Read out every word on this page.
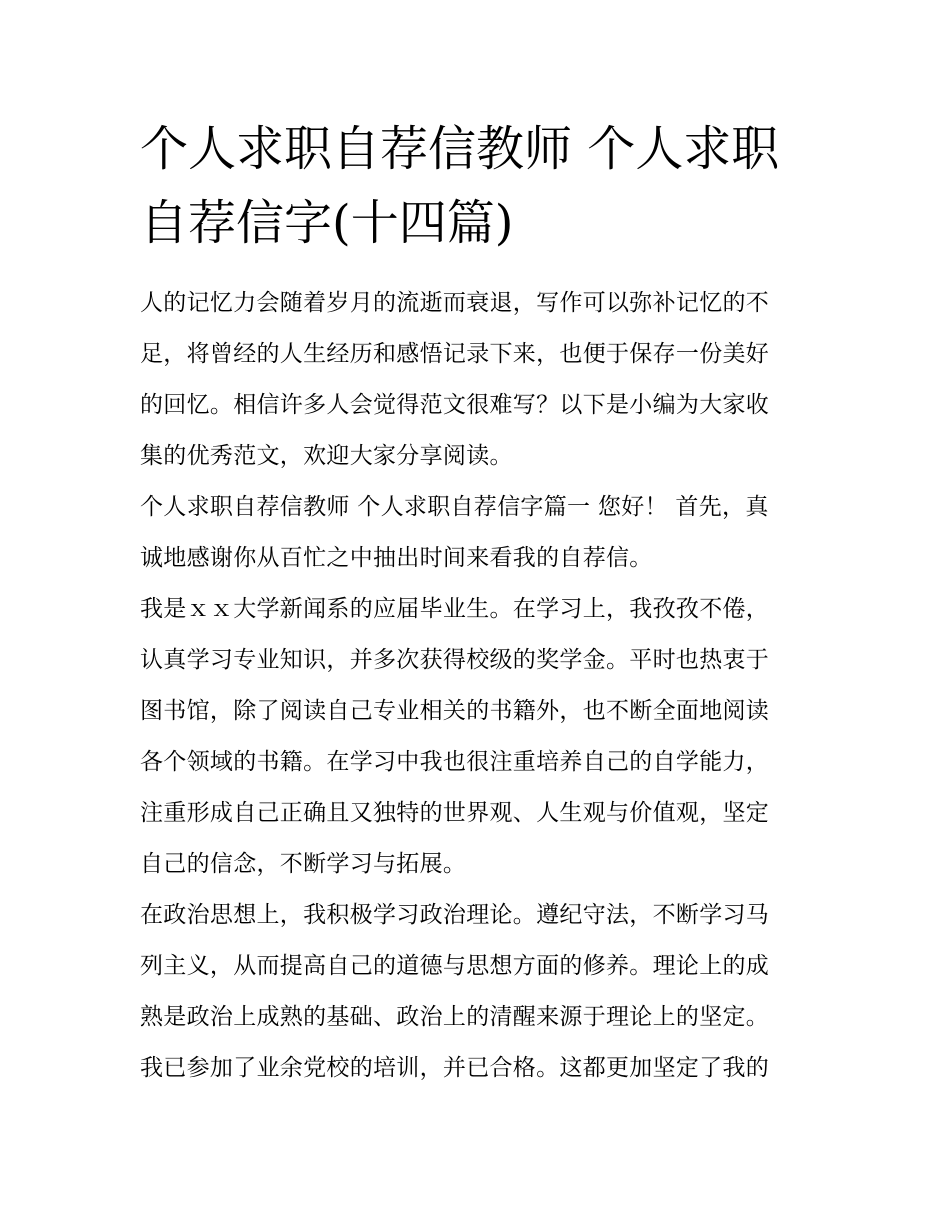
个人求职自荐信教师 个人求职
自荐信字(十四篇)

人的记忆力会随着岁月的流逝而衰退，写作可以弥补记忆的不
足，将曾经的人生经历和感悟记录下来，也便于保存一份美好
的回忆。相信许多人会觉得范文很难写？以下是小编为大家收
集的优秀范文，欢迎大家分享阅读。

个人求职自荐信教师 个人求职自荐信字篇一 您好！ 首先，真
诚地感谢你从百忙之中抽出时间来看我的自荐信。

我是ｘｘ大学新闻系的应届毕业生。在学习上，我孜孜不倦，
认真学习专业知识，并多次获得校级的奖学金。平时也热衷于
图书馆，除了阅读自己专业相关的书籍外，也不断全面地阅读
各个领域的书籍。在学习中我也很注重培养自己的自学能力，
注重形成自己正确且又独特的世界观、人生观与价值观，坚定
自己的信念，不断学习与拓展。

在政治思想上，我积极学习政治理论。遵纪守法，不断学习马
列主义，从而提高自己的道德与思想方面的修养。理论上的成
熟是政治上成熟的基础、政治上的清醒来源于理论上的坚定。
我已参加了业余党校的培训，并已合格。这都更加坚定了我的
